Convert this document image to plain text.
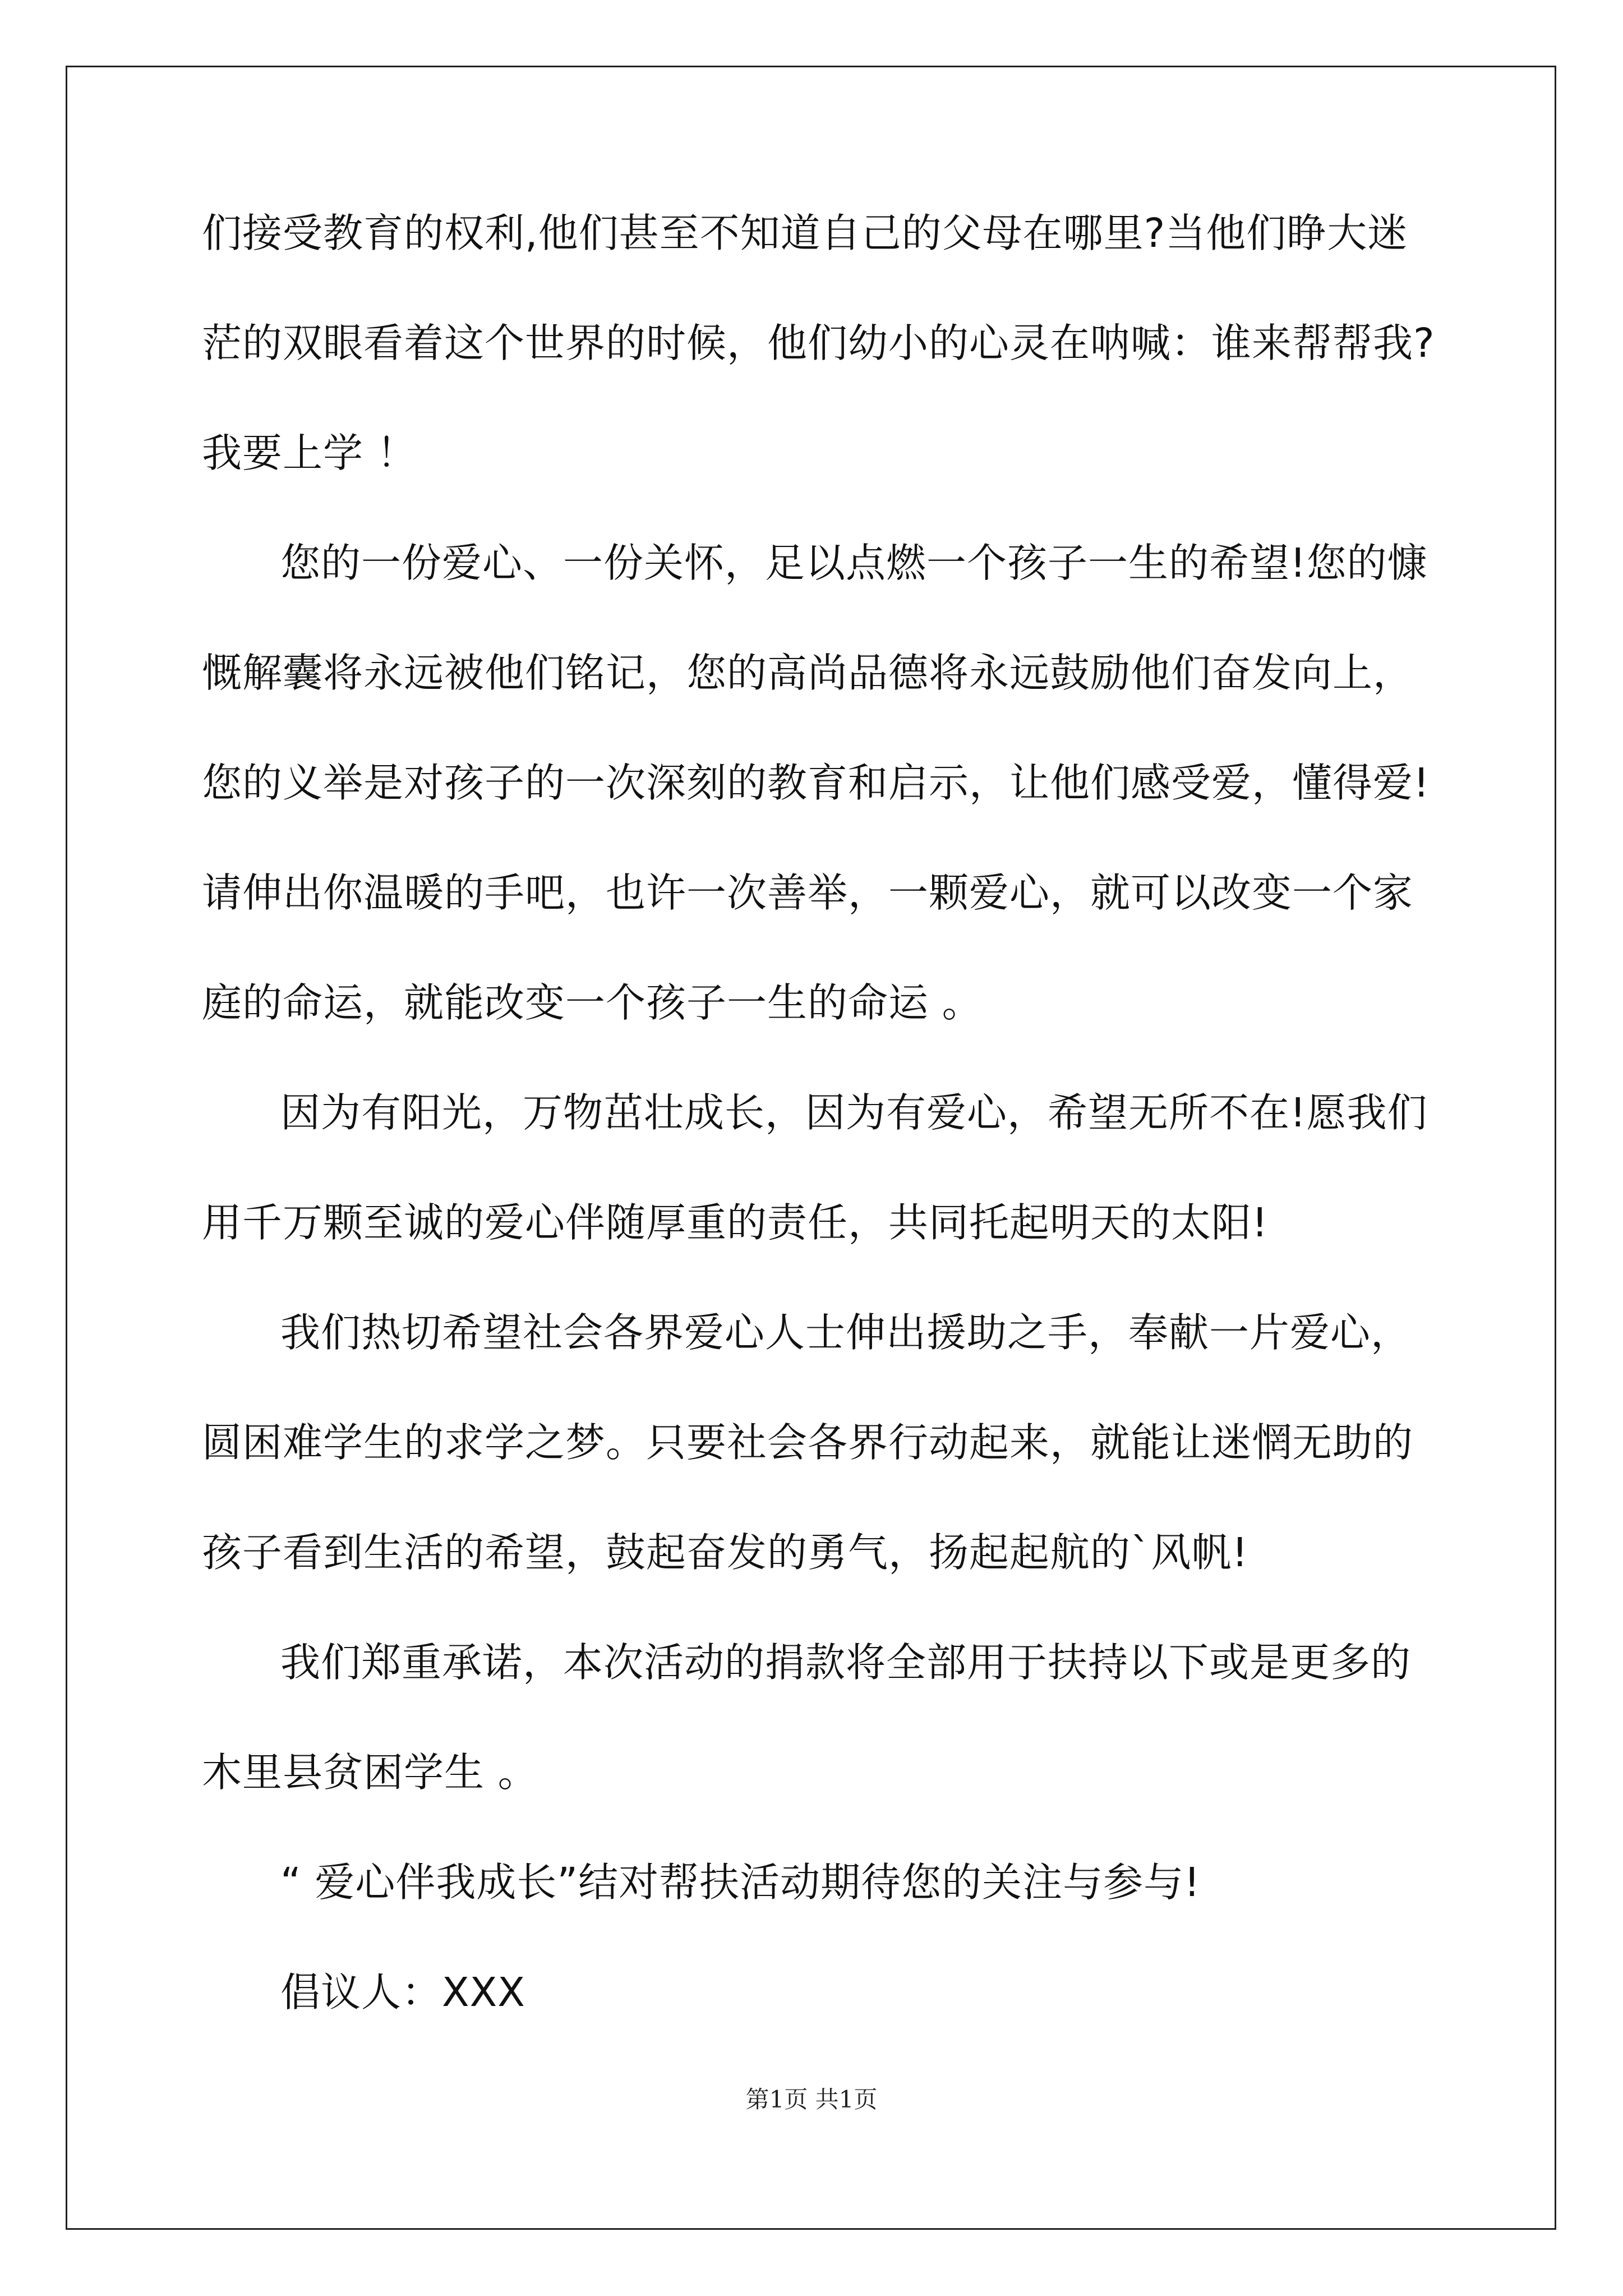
们接受教育的权利,他们甚至不知道自己的父母在哪里?当他们睁大迷
茫的双眼看着这个世界的时候，他们幼小的心灵在呐喊：谁来帮帮我?
我要上学 ！
您的一份爱心、一份关怀，足以点燃一个孩子一生的希望!您的慷
慨解囊将永远被他们铭记，您的高尚品德将永远鼓励他们奋发向上，
您的义举是对孩子的一次深刻的教育和启示，让他们感受爱，懂得爱!
请伸出你温暖的手吧，也许一次善举，一颗爱心，就可以改变一个家
庭的命运，就能改变一个孩子一生的命运 。
因为有阳光，万物茁壮成长，因为有爱心，希望无所不在!愿我们
用千万颗至诚的爱心伴随厚重的责任，共同托起明天的太阳!
我们热切希望社会各界爱心人士伸出援助之手，奉献一片爱心，
圆困难学生的求学之梦。只要社会各界行动起来，就能让迷惘无助的
孩子看到生活的希望，鼓起奋发的勇气，扬起起航的`风帆!
我们郑重承诺，本次活动的捐款将全部用于扶持以下或是更多的
木里县贫困学生 。
“ 爱心伴我成长”结对帮扶活动期待您的关注与参与!
倡议人：XXX
第1页 共1页
